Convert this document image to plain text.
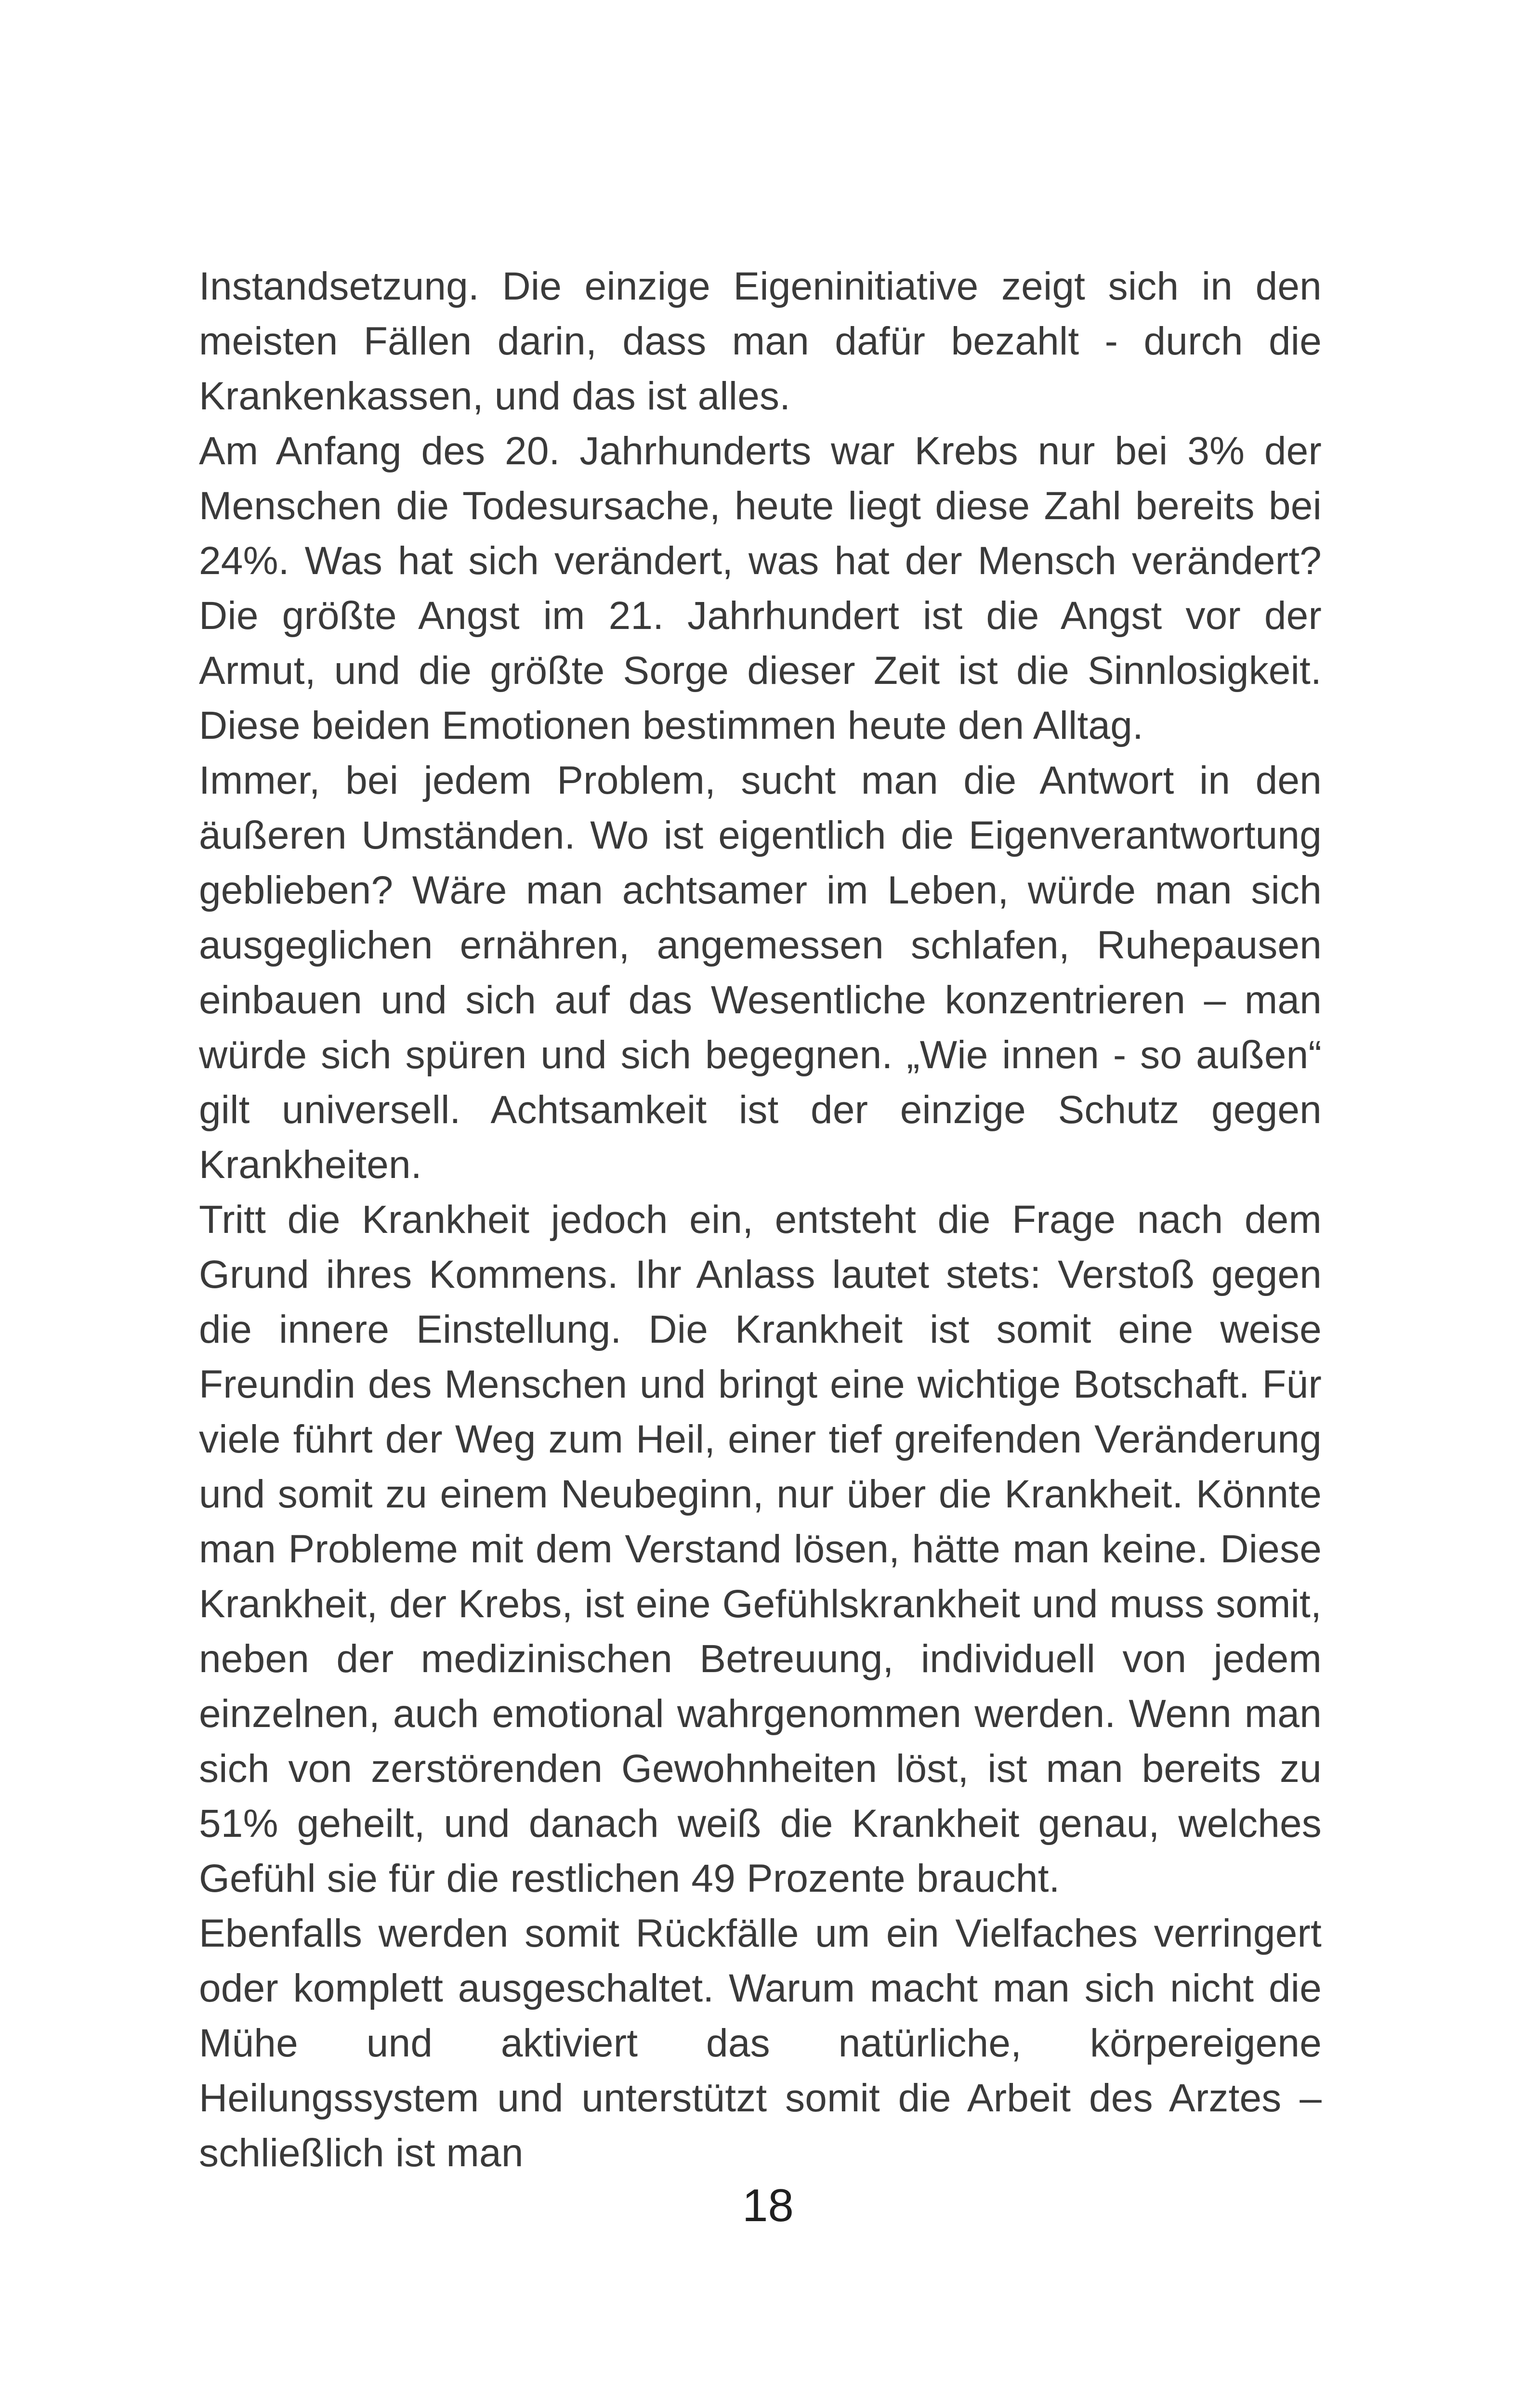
Instandsetzung. Die einzige Eigeninitiative zeigt sich in den meisten Fällen darin, dass man dafür bezahlt - durch die Krankenkassen, und das ist alles.

Am Anfang des 20. Jahrhunderts war Krebs nur bei 3% der Menschen die Todesursache, heute liegt diese Zahl bereits bei 24%. Was hat sich verändert, was hat der Mensch verändert? Die größte Angst im 21. Jahrhundert ist die Angst vor der Armut, und die größte Sorge dieser Zeit ist die Sinnlosigkeit. Diese beiden Emotionen bestimmen heute den Alltag.

Immer, bei jedem Problem, sucht man die Antwort in den äußeren Umständen. Wo ist eigentlich die Eigenverantwortung geblieben? Wäre man achtsamer im Leben, würde man sich ausgeglichen ernähren, angemessen schlafen, Ruhepausen einbauen und sich auf das Wesentliche konzentrieren – man würde sich spüren und sich begegnen. „Wie innen - so außen“ gilt universell. Achtsamkeit ist der einzige Schutz gegen Krankheiten.

Tritt die Krankheit jedoch ein, entsteht die Frage nach dem Grund ihres Kommens. Ihr Anlass lautet stets: Verstoß gegen die innere Einstellung. Die Krankheit ist somit eine weise Freundin des Menschen und bringt eine wichtige Botschaft. Für viele führt der Weg zum Heil, einer tief greifenden Veränderung und somit zu einem Neubeginn, nur über die Krankheit. Könnte man Probleme mit dem Verstand lösen, hätte man keine. Diese Krankheit, der Krebs, ist eine Gefühlskrankheit und muss somit, neben der medizinischen Betreuung, individuell von jedem einzelnen, auch emotional wahrgenommen werden. Wenn man sich von zerstörenden Gewohnheiten löst, ist man bereits zu 51% geheilt, und danach weiß die Krankheit genau, welches Gefühl sie für die restlichen 49 Prozente braucht.

Ebenfalls werden somit Rückfälle um ein Vielfaches verringert oder komplett ausgeschaltet. Warum macht man sich nicht die Mühe und aktiviert das natürliche, körpereigene Heilungssystem und unterstützt somit die Arbeit des Arztes – schließlich ist man

18
